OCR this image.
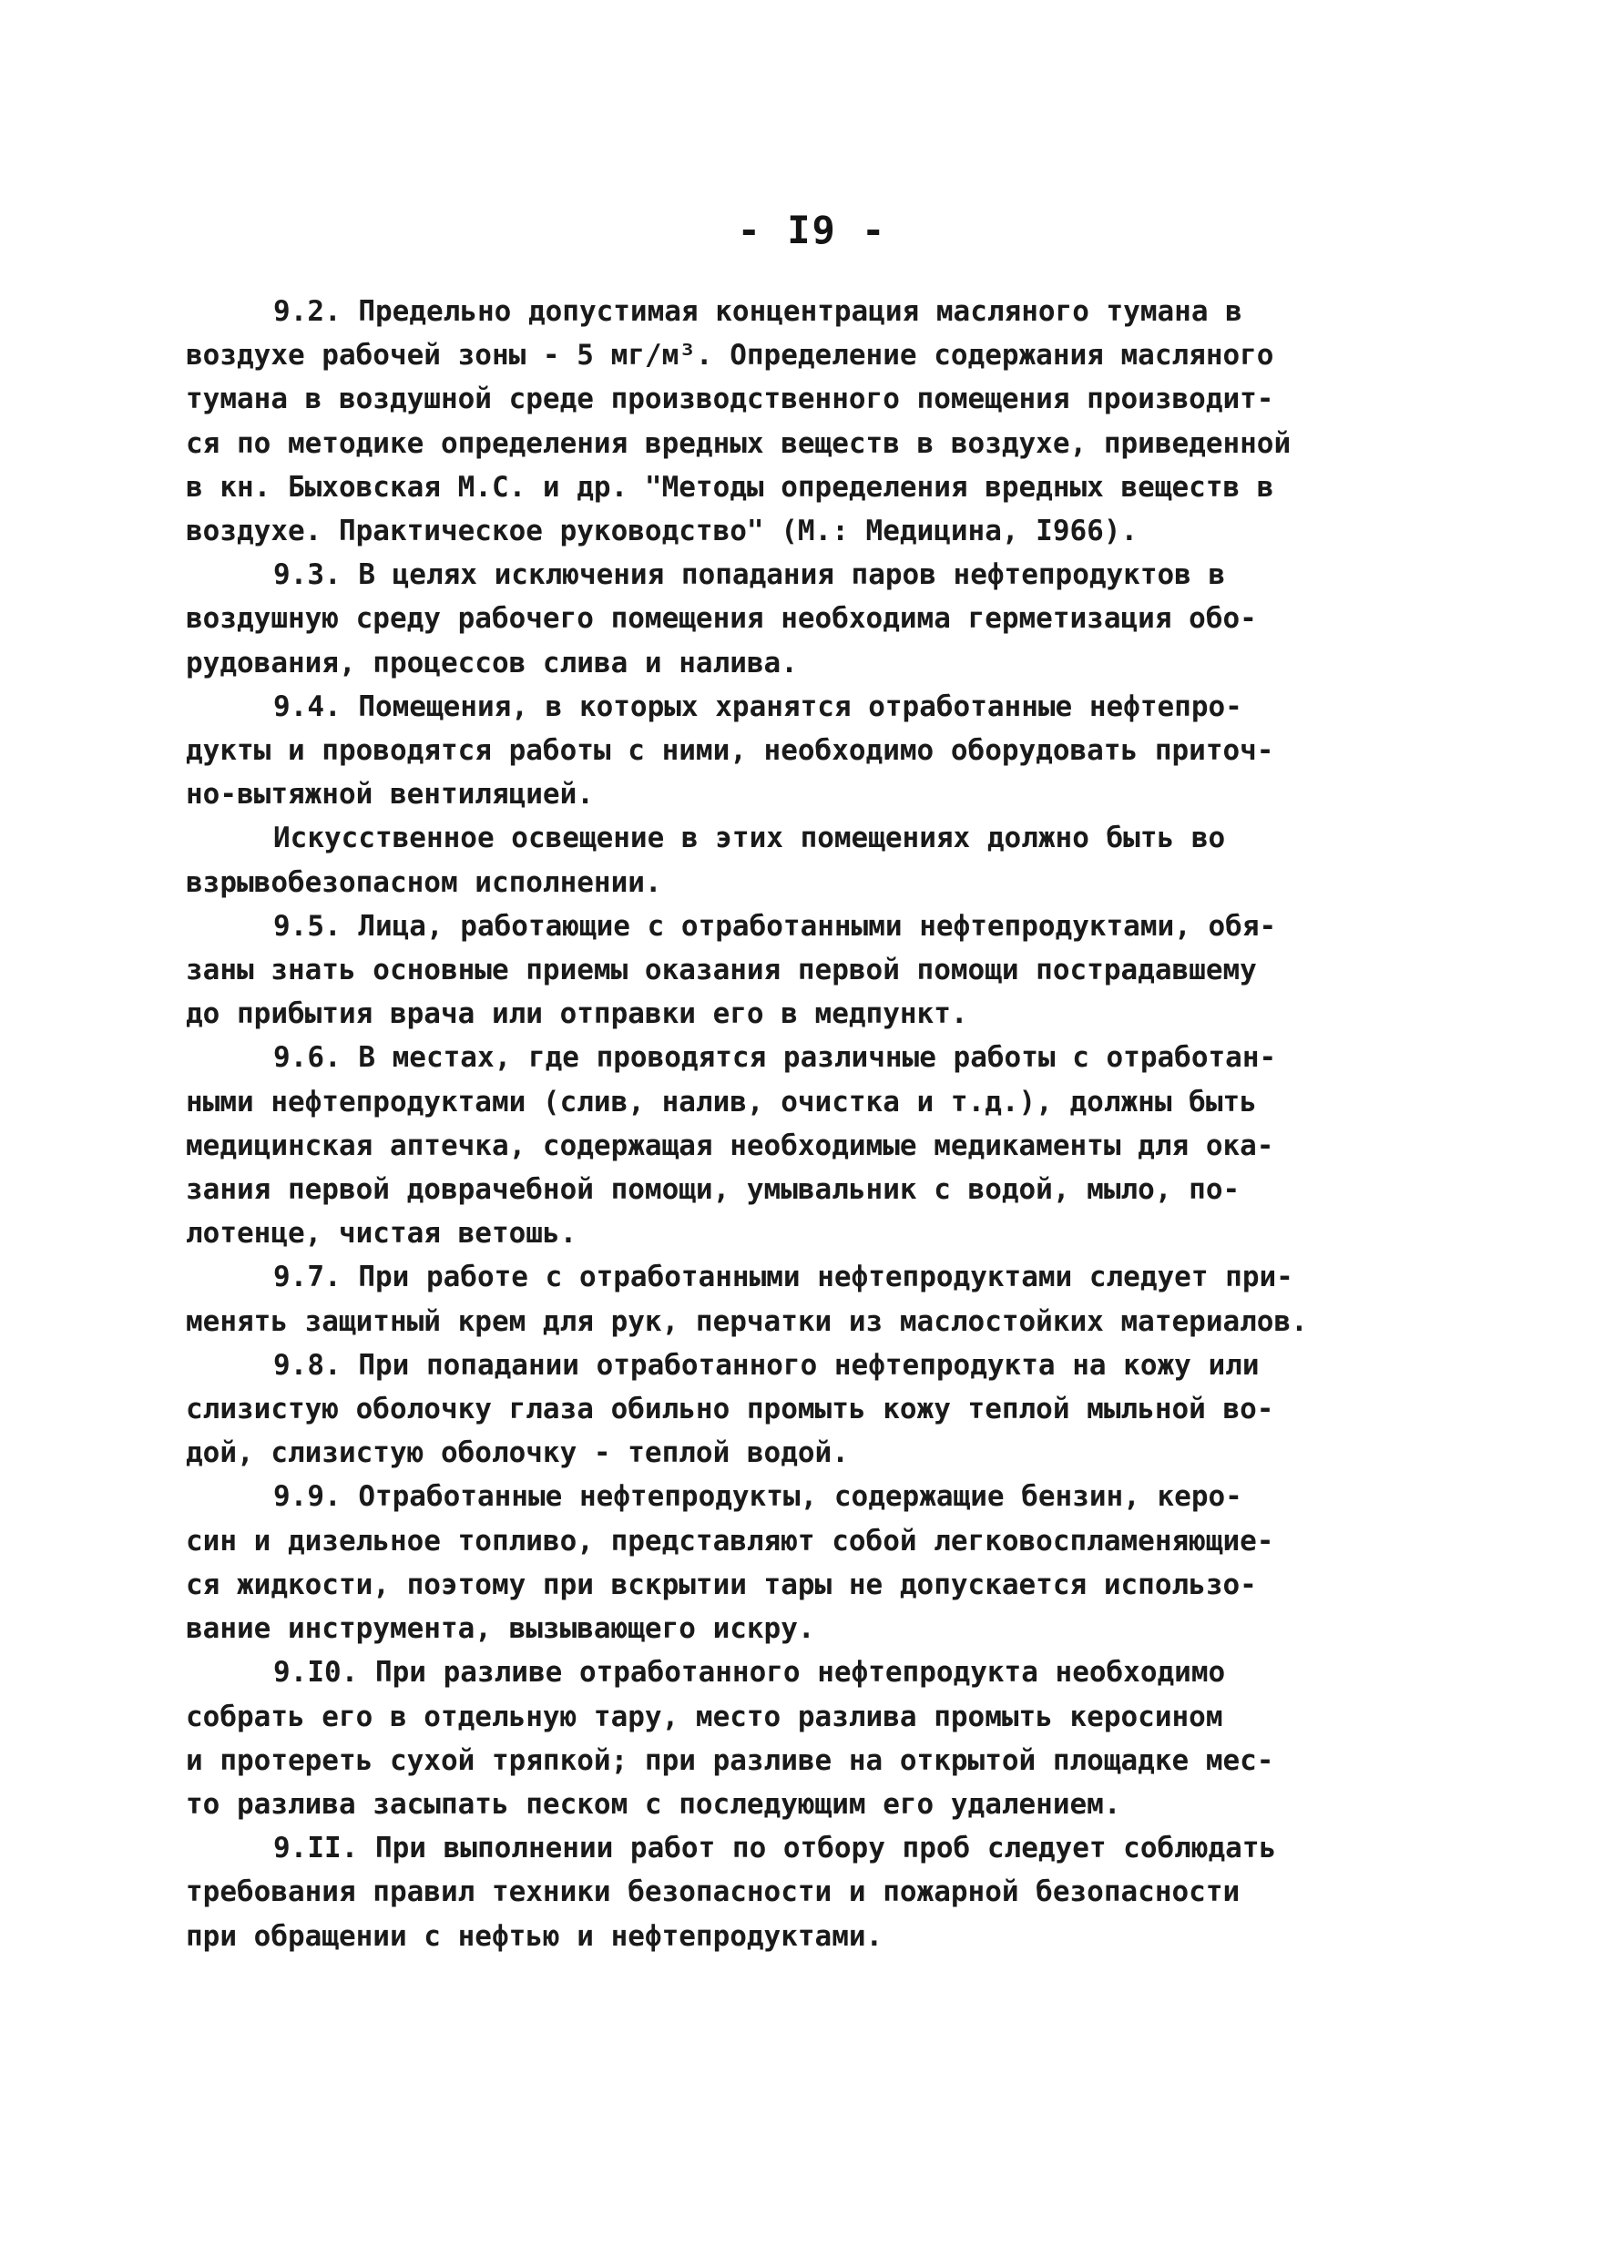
- I9 -
9.2. Предельно допустимая концентрация масляного тумана в
воздухе рабочей зоны - 5 мг/м³. Определение содержания масляного
тумана в воздушной среде производственного помещения производит-
ся по методике определения вредных веществ в воздухе, приведенной
в кн. Быховская М.С. и др. "Методы определения вредных веществ в
воздухе. Практическое руководство" (М.: Медицина, I966).
9.3. В целях исключения попадания паров нефтепродуктов в
воздушную среду рабочего помещения необходима герметизация обо-
рудования, процессов слива и налива.
9.4. Помещения, в которых хранятся отработанные нефтепро-
дукты и проводятся работы с ними, необходимо оборудовать приточ-
но-вытяжной вентиляцией.
Искусственное освещение в этих помещениях должно быть во
взрывобезопасном исполнении.
9.5. Лица, работающие с отработанными нефтепродуктами, обя-
заны знать основные приемы оказания первой помощи пострадавшему
до прибытия врача или отправки его в медпункт.
9.6. В местах, где проводятся различные работы с отработан-
ными нефтепродуктами (слив, налив, очистка и т.д.), должны быть
медицинская аптечка, содержащая необходимые медикаменты для ока-
зания первой доврачебной помощи, умывальник с водой, мыло, по-
лотенце, чистая ветошь.
9.7. При работе с отработанными нефтепродуктами следует при-
менять защитный крем для рук, перчатки из маслостойких материалов.
9.8. При попадании отработанного нефтепродукта на кожу или
слизистую оболочку глаза обильно промыть кожу теплой мыльной во-
дой, слизистую оболочку - теплой водой.
9.9. Отработанные нефтепродукты, содержащие бензин, керо-
син и дизельное топливо, представляют собой легковоспламеняющие-
ся жидкости, поэтому при вскрытии тары не допускается использо-
вание инструмента, вызывающего искру.
9.I0. При разливе отработанного нефтепродукта необходимо
собрать его в отдельную тару, место разлива промыть керосином
и протереть сухой тряпкой; при разливе на открытой площадке мес-
то разлива засыпать песком с последующим его удалением.
9.II. При выполнении работ по отбору проб следует соблюдать
требования правил техники безопасности и пожарной безопасности
при обращении с нефтью и нефтепродуктами.
